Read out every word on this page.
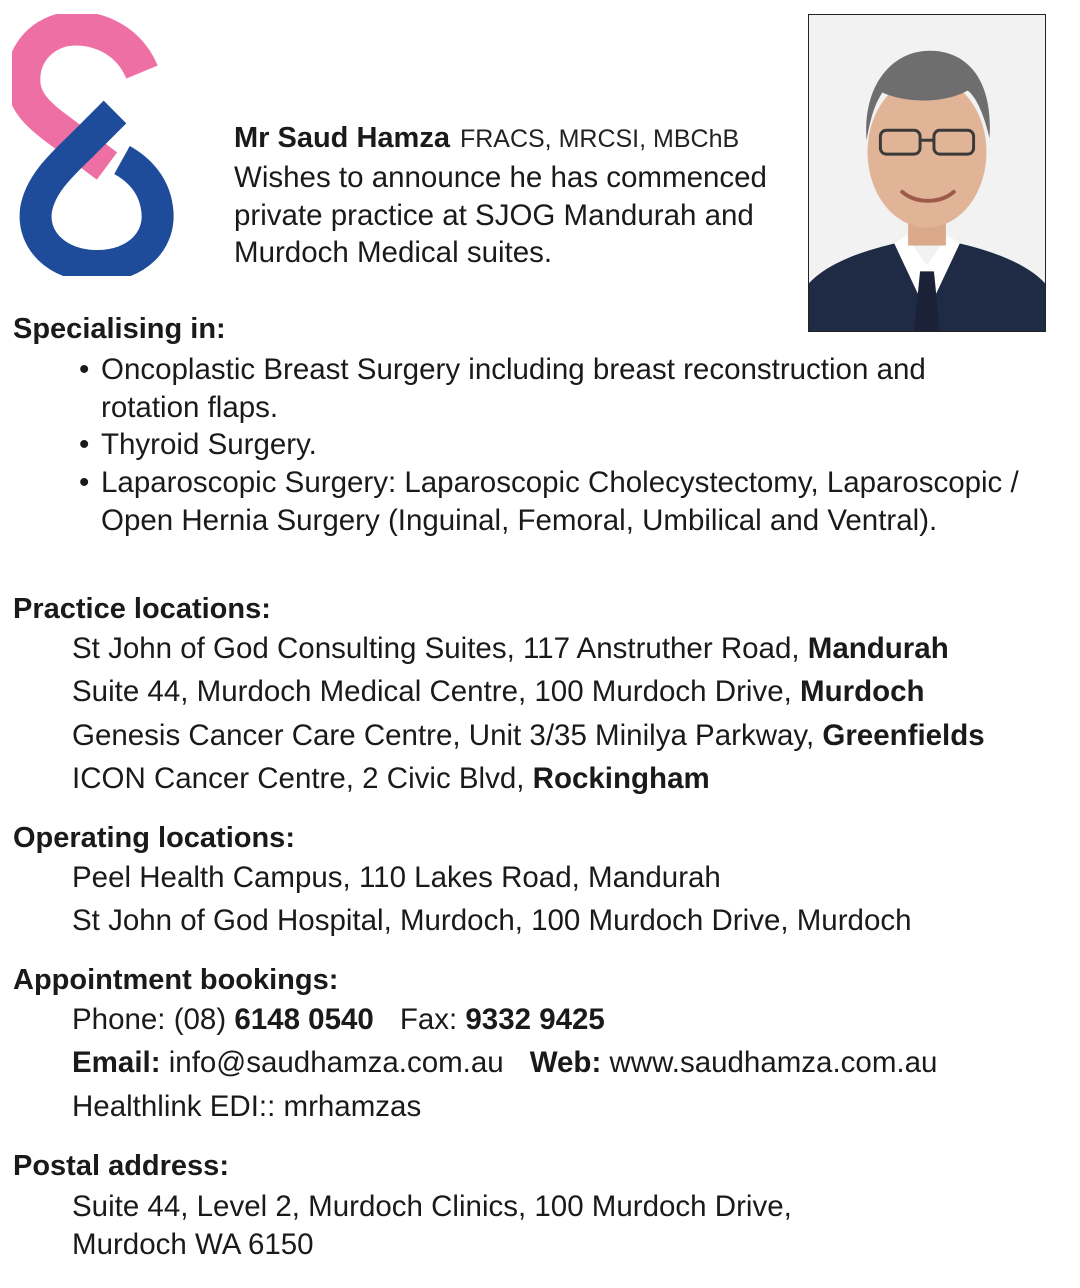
Mr Saud Hamza FRACS, MRCSI, MBChB
Wishes to announce he has commenced private practice at SJOG Mandurah and Murdoch Medical suites.
Specialising in:
• Oncoplastic Breast Surgery including breast reconstruction and rotation flaps.
• Thyroid Surgery.
• Laparoscopic Surgery: Laparoscopic Cholecystectomy, Laparoscopic / Open Hernia Surgery (Inguinal, Femoral, Umbilical and Ventral).
Practice locations:
St John of God Consulting Suites, 117 Anstruther Road, Mandurah
Suite 44, Murdoch Medical Centre, 100 Murdoch Drive, Murdoch
Genesis Cancer Care Centre, Unit 3/35 Minilya Parkway, Greenfields
ICON Cancer Centre, 2 Civic Blvd, Rockingham
Operating locations:
Peel Health Campus, 110 Lakes Road, Mandurah
St John of God Hospital, Murdoch, 100 Murdoch Drive, Murdoch
Appointment bookings:
Phone: (08) 6148 0540 Fax: 9332 9425
Email: info@saudhamza.com.au Web: www.saudhamza.com.au
Healthlink EDI:: mrhamzas
Postal address:
Suite 44, Level 2, Murdoch Clinics, 100 Murdoch Drive,
Murdoch WA 6150
